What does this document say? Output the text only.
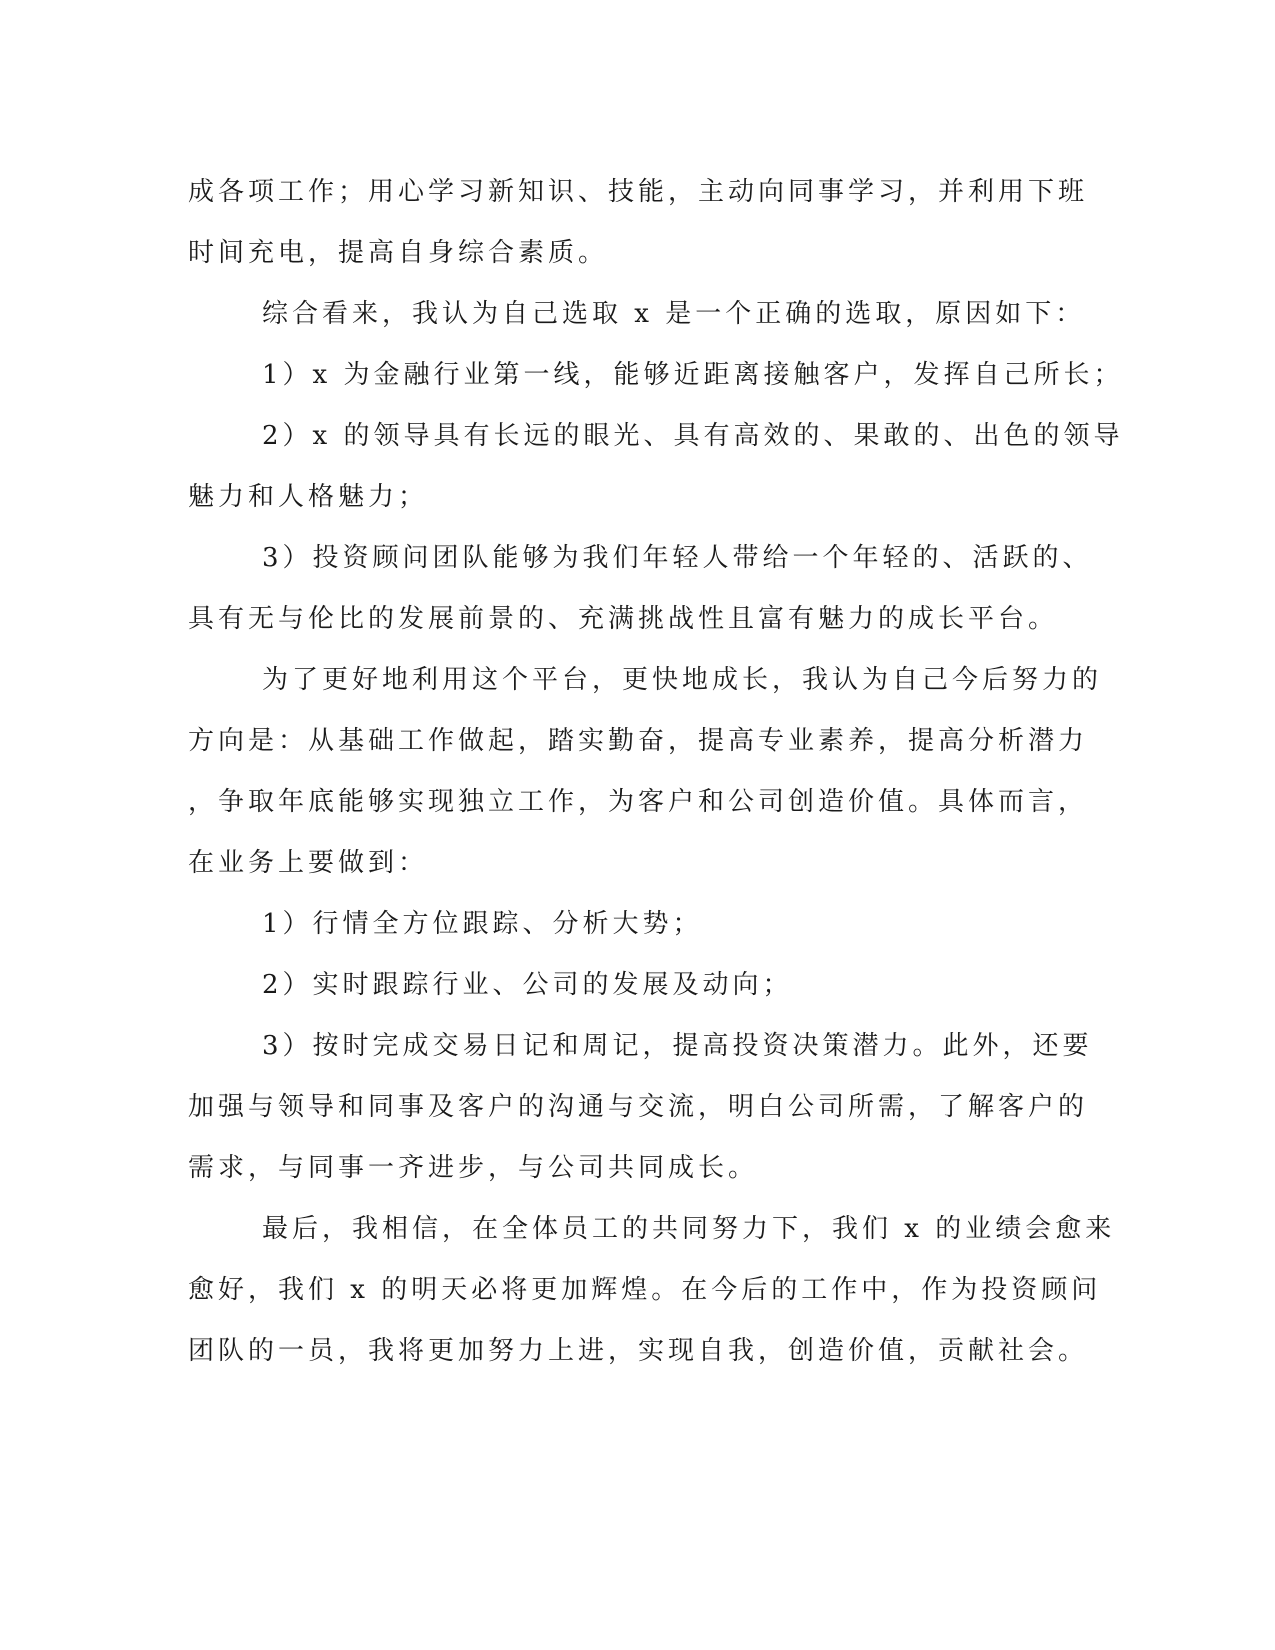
成各项工作；用心学习新知识、技能，主动向同事学习，并利用下班
时间充电，提高自身综合素质。
综合看来，我认为自己选取 x 是一个正确的选取，原因如下：
1）x 为金融行业第一线，能够近距离接触客户，发挥自己所长；
2）x 的领导具有长远的眼光、具有高效的、果敢的、出色的领导
魅力和人格魅力；
3）投资顾问团队能够为我们年轻人带给一个年轻的、活跃的、
具有无与伦比的发展前景的、充满挑战性且富有魅力的成长平台。
为了更好地利用这个平台，更快地成长，我认为自己今后努力的
方向是：从基础工作做起，踏实勤奋，提高专业素养，提高分析潜力
，争取年底能够实现独立工作，为客户和公司创造价值。具体而言，
在业务上要做到：
1）行情全方位跟踪、分析大势；
2）实时跟踪行业、公司的发展及动向；
3）按时完成交易日记和周记，提高投资决策潜力。此外，还要
加强与领导和同事及客户的沟通与交流，明白公司所需，了解客户的
需求，与同事一齐进步，与公司共同成长。
最后，我相信，在全体员工的共同努力下，我们 x 的业绩会愈来
愈好，我们 x 的明天必将更加辉煌。在今后的工作中，作为投资顾问
团队的一员，我将更加努力上进，实现自我，创造价值，贡献社会。
